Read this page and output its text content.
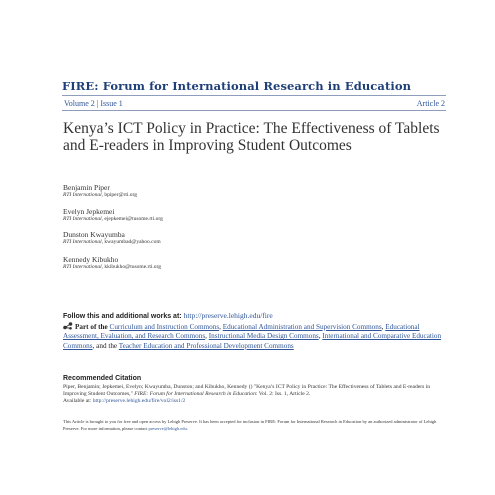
FIRE: Forum for International Research in Education
Volume 2 | Issue 1	Article 2
Kenya’s ICT Policy in Practice: The Effectiveness of Tablets and E-readers in Improving Student Outcomes
Benjamin Piper
RTI International, bpiper@rti.org
Evelyn Jepkemei
RTI International, ejepkemei@tusome.rti.org
Dunston Kwayumba
RTI International, kwayumbad@yahoo.com
Kennedy Kibukho
RTI International, kkibukho@tusome.rti.org
Follow this and additional works at: http://preserve.lehigh.edu/fire
Part of the Curriculum and Instruction Commons, Educational Administration and Supervision Commons, Educational Assessment, Evaluation, and Research Commons, Instructional Media Design Commons, International and Comparative Education Commons, and the Teacher Education and Professional Development Commons
Recommended Citation
Piper, Benjamin; Jepkemei, Evelyn; Kwayumba, Dunston; and Kibukho, Kennedy () "Kenya’s ICT Policy in Practice: The Effectiveness of Tablets and E-readers in Improving Student Outcomes," FIRE: Forum for International Research in Education: Vol. 2: Iss. 1, Article 2.
Available at: http://preserve.lehigh.edu/fire/vol2/iss1/2
This Article is brought to you for free and open access by Lehigh Preserve. It has been accepted for inclusion in FIRE: Forum for International Research in Education by an authorized administrator of Lehigh Preserve. For more information, please contact preserve@lehigh.edu.
